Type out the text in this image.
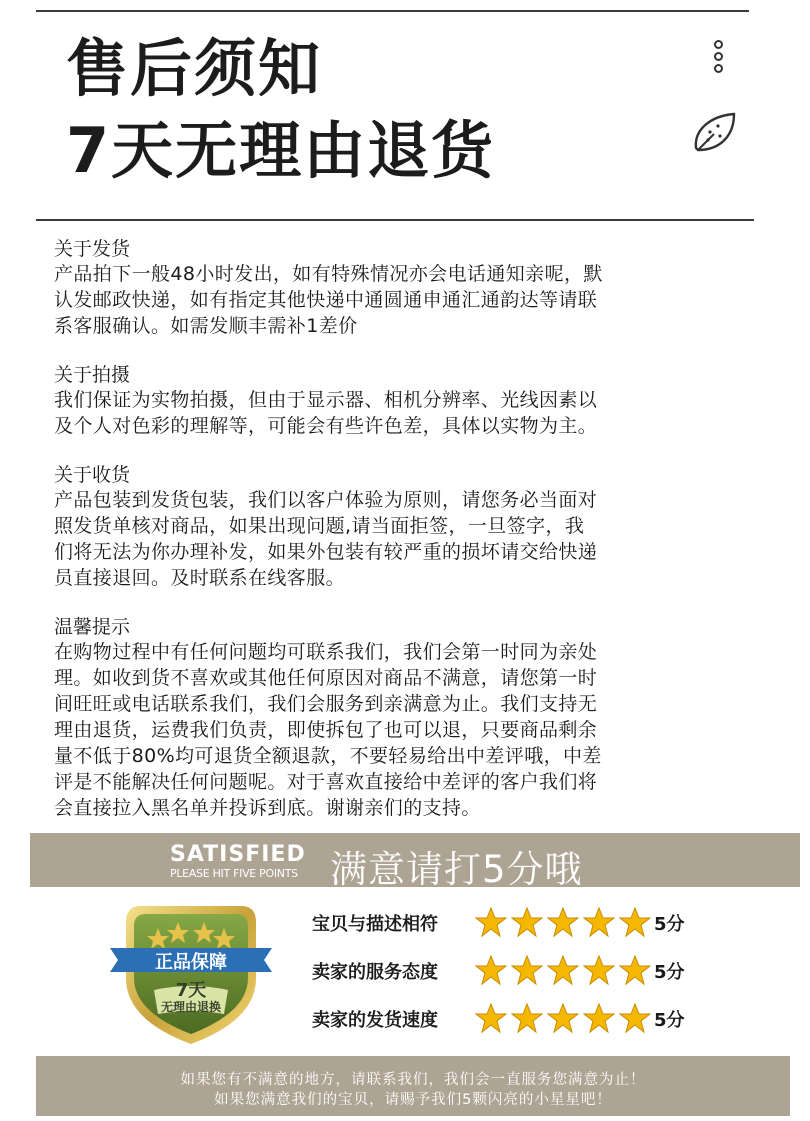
售后须知
7天无理由退货
关于发货
产品拍下一般48小时发出，如有特殊情况亦会电话通知亲呢，默
认发邮政快递，如有指定其他快递中通圆通申通汇通韵达等请联
系客服确认。如需发顺丰需补1差价
关于拍摄
我们保证为实物拍摄，但由于显示器、相机分辨率、光线因素以
及个人对色彩的理解等，可能会有些许色差，具体以实物为主。
关于收货
产品包装到发货包装，我们以客户体验为原则，请您务必当面对
照发货单核对商品，如果出现问题,请当面拒签，一旦签字，我
们将无法为你办理补发，如果外包装有较严重的损坏请交给快递
员直接退回。及时联系在线客服。
温馨提示
在购物过程中有任何问题均可联系我们，我们会第一时同为亲处
理。如收到货不喜欢或其他任何原因对商品不满意，请您第一时
间旺旺或电话联系我们，我们会服务到亲满意为止。我们支持无
理由退货，运费我们负责，即使拆包了也可以退，只要商品剩余
量不低于80%均可退货全额退款，不要轻易给出中差评哦，中差
评是不能解决任何问题呢。对于喜欢直接给中差评的客户我们将
会直接拉入黑名单并投诉到底。谢谢亲们的支持。
SATISFIED
PLEASE HIT FIVE POINTS 满意请打5分哦
正品保障
7天
无理由退换
宝贝与描述相符	5分
卖家的服务态度	5分
卖家的发货速度	5分
如果您有不满意的地方，请联系我们，我们会一直服务您满意为止！
如果您满意我们的宝贝，请赐予我们5颗闪亮的小星星吧！
